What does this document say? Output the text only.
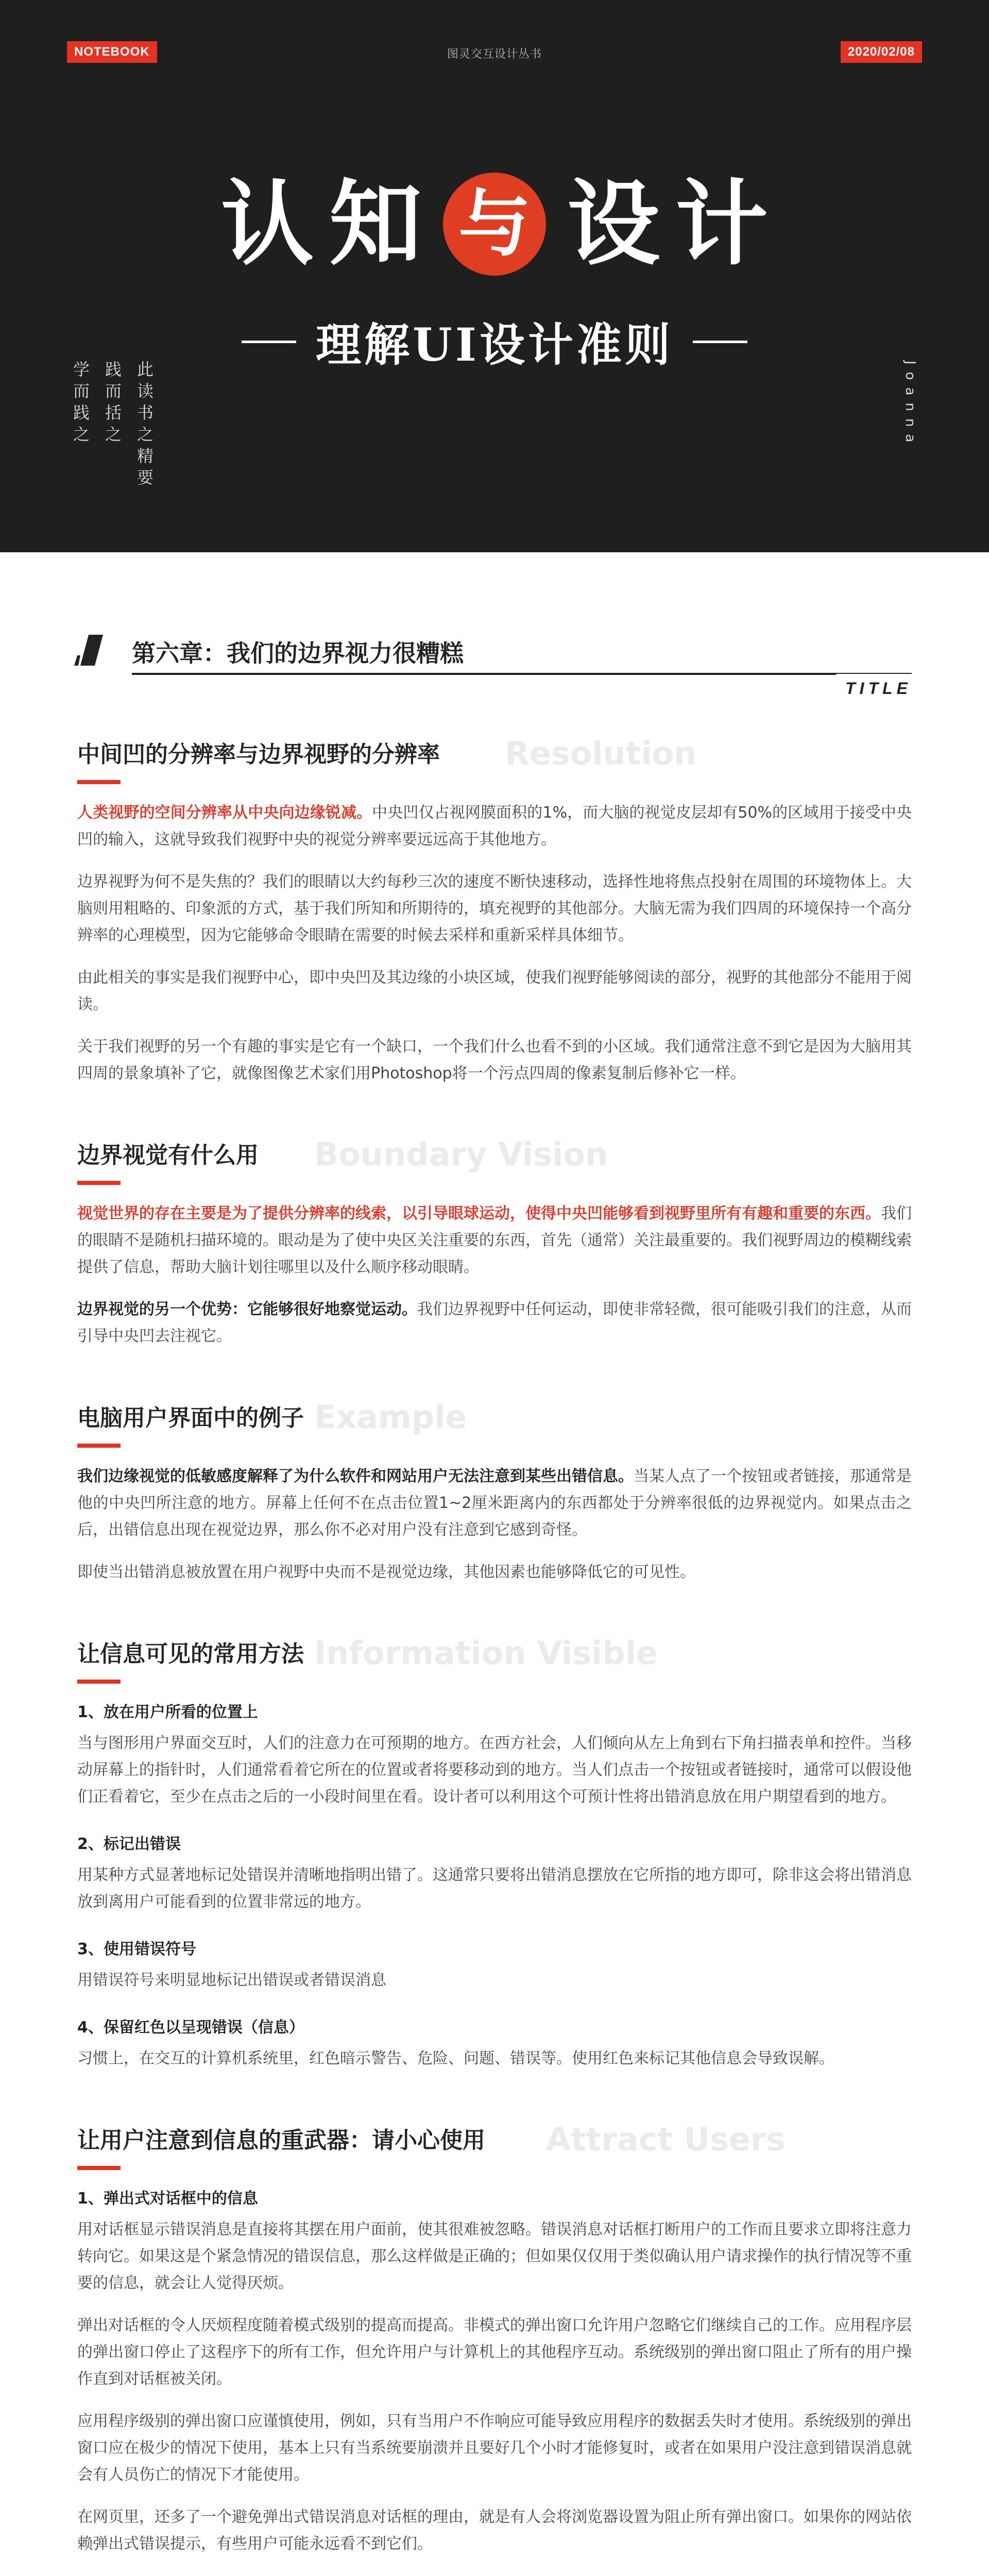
NOTEBOOK	图灵交互设计丛书	2020/02/08
认 知 与 设 计
理解UI设计准则
学而践之 践而括之 此读书之精要	Joanna
第六章：我们的边界视力很糟糕
TITLE
Resolution
中间凹的分辨率与边界视野的分辨率

人类视野的空间分辨率从中央向边缘锐减。中央凹仅占视网膜面积的1%，而大脑的视觉皮层却有50%的区域用于接受中央凹的输入，这就导致我们视野中央的视觉分辨率要远远高于其他地方。

边界视野为何不是失焦的？我们的眼睛以大约每秒三次的速度不断快速移动，选择性地将焦点投射在周围的环境物体上。大脑则用粗略的、印象派的方式，基于我们所知和所期待的，填充视野的其他部分。大脑无需为我们四周的环境保持一个高分辨率的心理模型，因为它能够命令眼睛在需要的时候去采样和重新采样具体细节。

由此相关的事实是我们视野中心，即中央凹及其边缘的小块区域，使我们视野能够阅读的部分，视野的其他部分不能用于阅读。

关于我们视野的另一个有趣的事实是它有一个缺口，一个我们什么也看不到的小区域。我们通常注意不到它是因为大脑用其四周的景象填补了它，就像图像艺术家们用Photoshop将一个污点四周的像素复制后修补它一样。

Boundary Vision
边界视觉有什么用

视觉世界的存在主要是为了提供分辨率的线索，以引导眼球运动，使得中央凹能够看到视野里所有有趣和重要的东西。我们的眼睛不是随机扫描环境的。眼动是为了使中央区关注重要的东西，首先（通常）关注最重要的。我们视野周边的模糊线索提供了信息，帮助大脑计划往哪里以及什么顺序移动眼睛。

边界视觉的另一个优势：它能够很好地察觉运动。我们边界视野中任何运动，即使非常轻微，很可能吸引我们的注意，从而引导中央凹去注视它。

Example
电脑用户界面中的例子

我们边缘视觉的低敏感度解释了为什么软件和网站用户无法注意到某些出错信息。当某人点了一个按钮或者链接，那通常是他的中央凹所注意的地方。屏幕上任何不在点击位置1~2厘米距离内的东西都处于分辨率很低的边界视觉内。如果点击之后，出错信息出现在视觉边界，那么你不必对用户没有注意到它感到奇怪。

即使当出错消息被放置在用户视野中央而不是视觉边缘，其他因素也能够降低它的可见性。

Information Visible
让信息可见的常用方法
1、放在用户所看的位置上

当与图形用户界面交互时，人们的注意力在可预期的地方。在西方社会，人们倾向从左上角到右下角扫描表单和控件。当移动屏幕上的指针时，人们通常看着它所在的位置或者将要移动到的地方。当人们点击一个按钮或者链接时，通常可以假设他们正看着它，至少在点击之后的一小段时间里在看。设计者可以利用这个可预计性将出错消息放在用户期望看到的地方。

2、标记出错误

用某种方式显著地标记处错误并清晰地指明出错了。这通常只要将出错消息摆放在它所指的地方即可，除非这会将出错消息放到离用户可能看到的位置非常远的地方。

3、使用错误符号

用错误符号来明显地标记出错误或者错误消息

4、保留红色以呈现错误（信息）

习惯上，在交互的计算机系统里，红色暗示警告、危险、问题、错误等。使用红色来标记其他信息会导致误解。

Attract Users
让用户注意到信息的重武器：请小心使用
1、弹出式对话框中的信息

用对话框显示错误消息是直接将其摆在用户面前，使其很难被忽略。错误消息对话框打断用户的工作而且要求立即将注意力转向它。如果这是个紧急情况的错误信息，那么这样做是正确的；但如果仅仅用于类似确认用户请求操作的执行情况等不重要的信息，就会让人觉得厌烦。

弹出对话框的令人厌烦程度随着模式级别的提高而提高。非模式的弹出窗口允许用户忽略它们继续自己的工作。应用程序层的弹出窗口停止了这程序下的所有工作，但允许用户与计算机上的其他程序互动。系统级别的弹出窗口阻止了所有的用户操作直到对话框被关闭。

应用程序级别的弹出窗口应谨慎使用，例如，只有当用户不作响应可能导致应用程序的数据丢失时才使用。系统级别的弹出窗口应在极少的情况下使用，基本上只有当系统要崩溃并且要好几个小时才能修复时，或者在如果用户没注意到错误消息就会有人员伤亡的情况下才能使用。

在网页里，还多了一个避免弹出式错误消息对话框的理由，就是有人会将浏览器设置为阻止所有弹出窗口。如果你的网站依赖弹出式错误提示，有些用户可能永远看不到它们。
